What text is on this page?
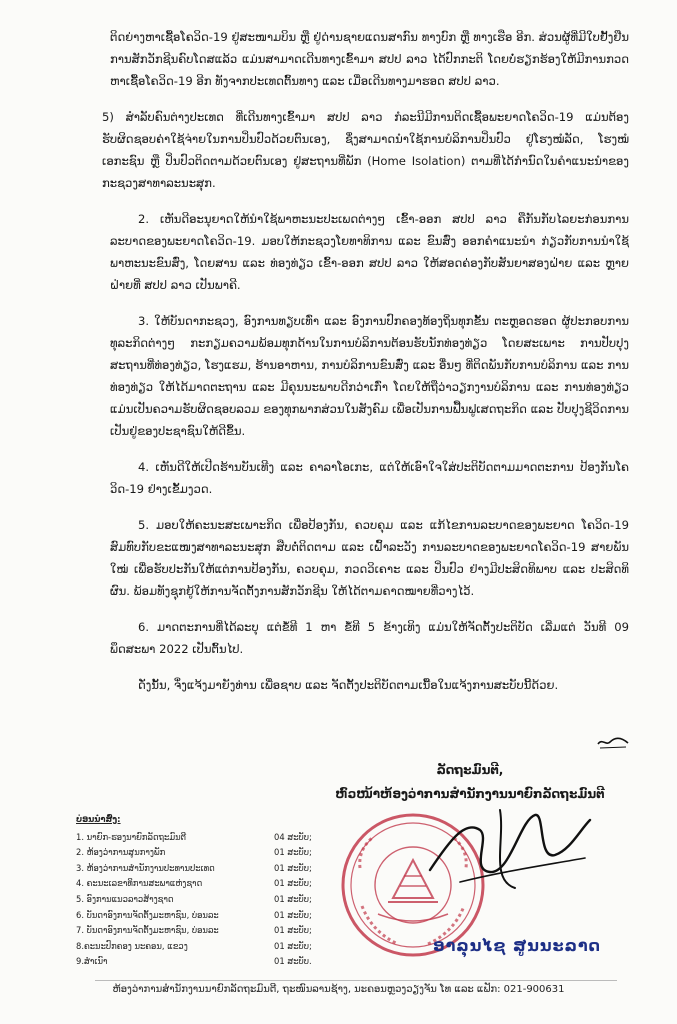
ຕິດຍ່າງຫາເຊື້ອໂຄວິດ-19 ຢູ່ສະໜາມບິນ ຫຼື ຢູ່ດ່ານຊາຍແດນສາກົນ ທາງບົກ ຫຼື ທາງເຮືອ ອີກ. ສ່ວນຜູ້ທີ່ມີໃບຢັ້ງຢືນການສັກວັກຊີນຄົບໂດສແລ້ວ ແມ່ນສາມາດເດີນທາງເຂົ້າມາ ສປປ ລາວ ໄດ້ປົກກະຕິ ໂດຍບໍ່ຮຽກຮ້ອງໃຫ້ມີການກວດຫາເຊື້ອໂຄວິດ-19 ອີກ ທັງຈາກປະເທດຕົ້ນທາງ ແລະ ເມື່ອເດີນທາງມາຮອດ ສປປ ລາວ.

5) ສໍາລັບຄົນຕ່າງປະເທດ ທີ່ເດີນທາງເຂົ້າມາ ສປປ ລາວ ກໍລະນີມີການຕິດເຊື້ອພະຍາດໂຄວິດ-19 ແມ່ນຕ້ອງຮັບຜິດຊອບຄ່າໃຊ້ຈ່າຍໃນການປິ່ນປົວດ້ວຍຕົນເອງ, ຊຶ່ງສາມາດນໍາໃຊ້ການບໍລິການປິ່ນປົວ ຢູ່ໂຮງໝໍລັດ, ໂຮງໝໍເອກະຊົນ ຫຼື ປິ່ນປົວຕິດຕາມດ້ວຍຕົນເອງ ຢູ່ສະຖານທີ່ພັກ (Home Isolation) ຕາມທີ່ໄດ້ກໍານົດໃນຄໍາແນະນໍາຂອງກະຊວງສາທາລະນະສຸກ.

2. ເຫັນດີອະນຸຍາດໃຫ້ນໍາໃຊ້ພາຫະນະປະເພດຕ່າງໆ ເຂົ້າ-ອອກ ສປປ ລາວ ຄືກັນກັບໄລຍະກ່ອນການລະບາດຂອງພະຍາດໂຄວິດ-19. ມອບໃຫ້ກະຊວງໂຍທາທິການ ແລະ ຂົນສົ່ງ ອອກຄໍາແນະນໍາ ກ່ຽວກັບການນໍາໃຊ້ພາຫະນະຂົນສົ່ງ, ໂດຍສານ ແລະ ທ່ອງທ່ຽວ ເຂົ້າ-ອອກ ສປປ ລາວ ໃຫ້ສອດຄ່ອງກັບສັນຍາສອງຝ່າຍ ແລະ ຫຼາຍຝ່າຍທີ່ ສປປ ລາວ ເປັນພາຄີ.

3. ໃຫ້ບັນດາກະຊວງ, ອົງການທຽບເທົ່າ ແລະ ອົງການປົກຄອງທ້ອງຖິ່ນທຸກຂັ້ນ ຕະຫຼອດຮອດ ຜູ້ປະກອບການທຸລະກິດຕ່າງໆ ກະກຽມຄວາມພ້ອມທຸກດ້ານໃນການບໍລິການຕ້ອນຮັບນັກທ່ອງທ່ຽວ ໂດຍສະເພາະ ການປັບປຸງສະຖານທີ່ທ່ອງທ່ຽວ, ໂຮງແຮມ, ຮ້ານອາຫານ, ການບໍລິການຂົນສົ່ງ ແລະ ອື່ນໆ ທີ່ຕິດພັນກັບການບໍລິການ ແລະ ການທ່ອງທ່ຽວ ໃຫ້ໄດ້ມາດຕະຖານ ແລະ ມີຄຸນນະພາບດີກວ່າເກົ່າ ໂດຍໃຫ້ຖືວ່າວຽກງານບໍລິການ ແລະ ການທ່ອງທ່ຽວແມ່ນເປັນຄວາມຮັບຜິດຊອບລວມ ຂອງທຸກພາກສ່ວນໃນສັງຄົມ ເພື່ອເປັນການຟື້ນຟູເສດຖະກິດ ແລະ ປັບປຸງຊີວິດການເປັນຢູ່ຂອງປະຊາຊົນໃຫ້ດີຂຶ້ນ.

4. ເຫັນດີໃຫ້ເປີດຮ້ານບັນເທີງ ແລະ ຄາລາໂອເກະ, ແຕ່ໃຫ້ເອົາໃຈໃສ່ປະຕິບັດຕາມມາດຕະການ ປ້ອງກັນໂຄວິດ-19 ຢ່າງເຂັ້ມງວດ.

5. ມອບໃຫ້ຄະນະສະເພາະກິດ ເພື່ອປ້ອງກັນ, ຄວບຄຸມ ແລະ ແກ້ໄຂການລະບາດຂອງພະຍາດ ໂຄວິດ-19 ສົມທົບກັບຂະແໜງສາທາລະນະສຸກ ສືບຕໍ່ຕິດຕາມ ແລະ ເຝົ້າລະວັງ ການລະບາດຂອງພະຍາດໂຄວິດ-19 ສາຍພັນໃໝ່ ເພື່ອຮັບປະກັນໃຫ້ແຕ່ການປ້ອງກັນ, ຄວບຄຸມ, ກວດວິເຄາະ ແລະ ປິ່ນປົວ ຢ່າງມີປະສິດທິພາບ ແລະ ປະສິດທິຜົນ. ພ້ອມທັງຊຸກຍູ້ໃຫ້ການຈັດຕັ້ງການສັກວັກຊີນ ໃຫ້ໄດ້ຕາມຄາດໝາຍທີ່ວາງໄວ້.

6. ມາດຕະການທີ່ໄດ້ລະບຸ ແຕ່ຂໍ້ທີ 1 ຫາ ຂໍ້ທີ 5 ຂ້າງເທິງ ແມ່ນໃຫ້ຈັດຕັ້ງປະຕິບັດ ເລີ່ມແຕ່ ວັນທີ 09 ພຶດສະພາ 2022 ເປັນຕົ້ນໄປ.

ດັ່ງນັ້ນ, ຈຶ່ງແຈ້ງມາຍັງທ່ານ ເພື່ອຊາບ ແລະ ຈັດຕັ້ງປະຕິບັດຕາມເນື້ອໃນແຈ້ງການສະບັບນີ້ດ້ວຍ.

ລັດຖະມົນຕີ,
ຫົວໜ້າຫ້ອງວ່າການສໍານັກງານນາຍົກລັດຖະມົນຕີ
ບ່ອນນໍາສົ່ງ:
1. ນາຍົກ-ຮອງນາຍົກລັດຖະມົນຕີ	04 ສະບັບ;
2. ຫ້ອງວ່າການສູນກາງພັກ	01 ສະບັບ;
3. ຫ້ອງວ່າການສໍານັກງານປະທານປະເທດ	01 ສະບັບ;
4. ຄະນະເລຂາທິການສະພາແຫ່ງຊາດ	01 ສະບັບ;
5. ອົງການແນວລາວສ້າງຊາດ	01 ສະບັບ;
6. ບັນດາອົງການຈັດຕັ້ງມະຫາຊົນ, ບ່ອນລະ	01 ສະບັບ;
7. ບັນດາອົງການຈັດຕັ້ງມະຫາຊົນ, ບ່ອນລະ	01 ສະບັບ;
8.ຄະນະປົກຄອງ ນະຄອນ, ແຂວງ	01 ສະບັບ;
9.ສໍາເນົາ	01 ສະບັບ.
ອາລຸນໄຊ ສູນນະລາດ
ຫ້ອງວ່າການສໍານັກງານນາຍົກລັດຖະມົນຕີ, ຖະໜົນລານຊ້າງ, ນະຄອນຫຼວງວຽງຈັນ ໂທ ແລະ ແຟັກ: 021-900631
